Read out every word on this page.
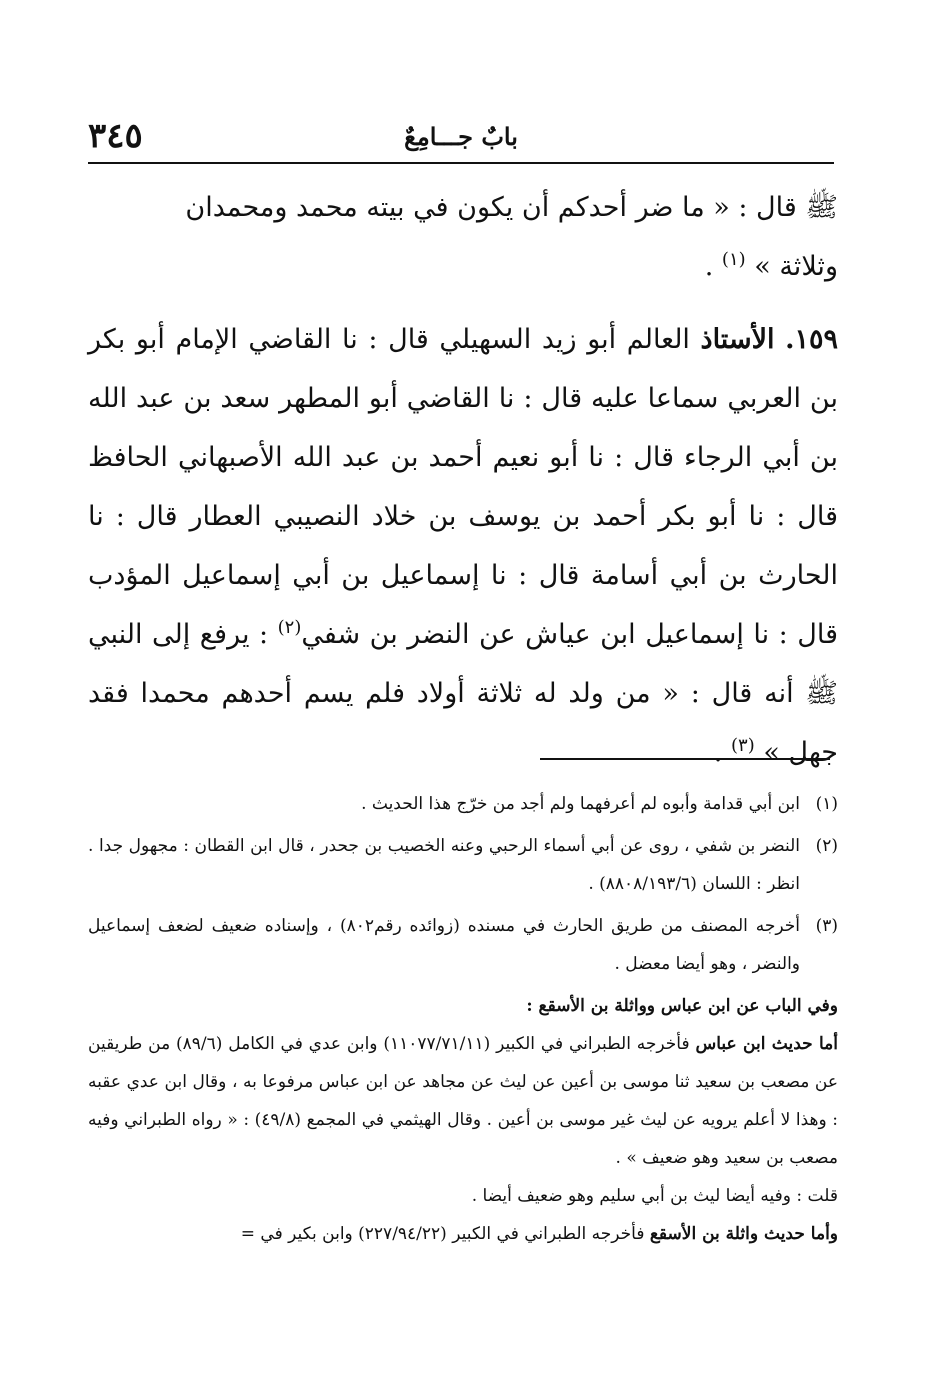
بابٌ جـــامِعٌ
٣٤٥

ﷺ قال : « ما ضر أحدكم أن يكون في بيته محمد ومحمدان
وثلاثة » $^{(١)}$ .

١٥٩. الأستاذ العالم أبو زيد السهيلي قال : نا القاضي الإمام أبو بكر بن العربي سماعا عليه قال : نا القاضي أبو المطهر سعد بن عبد الله بن أبي الرجاء قال : نا أبو نعيم أحمد بن عبد الله الأصبهاني الحافظ قال : نا أبو بكر أحمد بن يوسف بن خلاد النصيبي العطار قال : نا الحارث بن أبي أسامة قال : نا إسماعيل بن أبي إسماعيل المؤدب قال : نا إسماعيل ابن عياش عن النضر بن شفي$^{(٢)}$ : يرفع إلى النبي ﷺ أنه قال : « من ولد له ثلاثة أولاد فلم يسم أحدهم محمدا فقد جهل » $^{(٣)}$ .

(١)
ابن أبي قدامة وأبوه لم أعرفهما ولم أجد من خرّج هذا الحديث .
(٢)
النضر بن شفي ، روى عن أبي أسماء الرحبي وعنه الخصيب بن جحدر ، قال ابن القطان : مجهول جدا . انظر : اللسان (٨٨٠٨/١٩٣/٦) .
(٣)
أخرجه المصنف من طريق الحارث في مسنده (زوائده رقم٨٠٢) ، وإسناده ضعيف لضعف إسماعيل والنضر ، وهو أيضا معضل .

وفي الباب عن ابن عباس وواثلة بن الأسقع :

أما حديث ابن عباس فأخرجه الطبراني في الكبير (١١٠٧٧/٧١/١١) وابن عدي في الكامل (٨٩/٦) من طريقين عن مصعب بن سعيد ثنا موسى بن أعين عن ليث عن مجاهد عن ابن عباس مرفوعا به ، وقال ابن عدي عقبه : وهذا لا أعلم يرويه عن ليث غير موسى بن أعين . وقال الهيثمي في المجمع (٤٩/٨) : « رواه الطبراني وفيه مصعب بن سعيد وهو ضعيف » .

قلت : وفيه أيضا ليث بن أبي سليم وهو ضعيف أيضا .

وأما حديث واثلة بن الأسقع فأخرجه الطبراني في الكبير (٢٢٧/٩٤/٢٢) وابن بكير في =
